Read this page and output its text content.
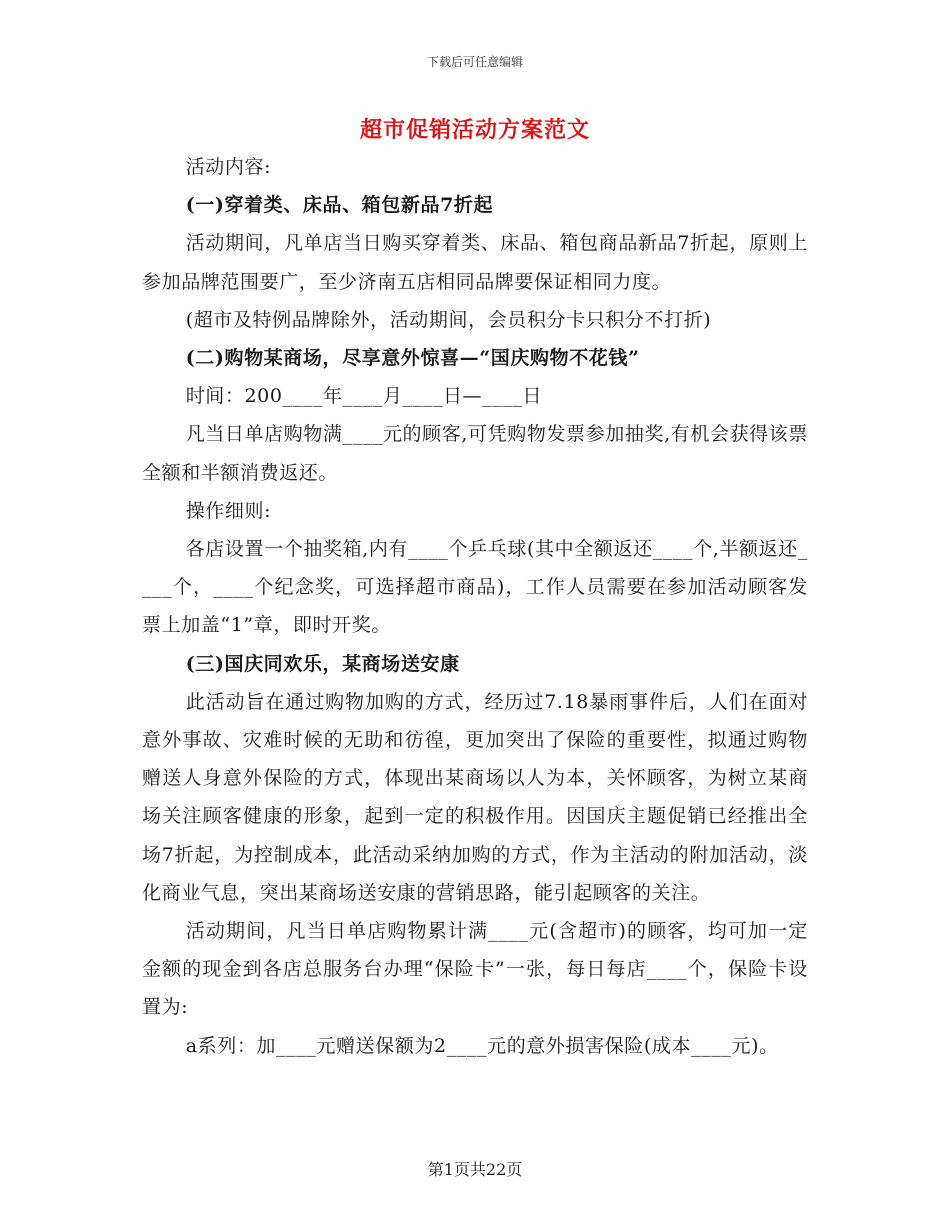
下载后可任意编辑
超市促销活动方案范文

活动内容:

(一)穿着类、床品、箱包新品7折起

活动期间，凡单店当日购买穿着类、床品、箱包商品新品7折起，原则上参加品牌范围要广，至少济南五店相同品牌要保证相同力度。

(超市及特例品牌除外，活动期间，会员积分卡只积分不打折)

(二)购物某商场，尽享意外惊喜—“国庆购物不花钱”

时间：200____年____月____日—____日

凡当日单店购物满____元的顾客,可凭购物发票参加抽奖,有机会获得该票全额和半额消费返还。

操作细则:

各店设置一个抽奖箱,内有____个乒乓球(其中全额返还____个,半额返还____个，____个纪念奖，可选择超市商品)，工作人员需要在参加活动顾客发票上加盖“1”章，即时开奖。

(三)国庆同欢乐，某商场送安康

此活动旨在通过购物加购的方式，经历过7.18暴雨事件后，人们在面对意外事故、灾难时候的无助和彷徨，更加突出了保险的重要性，拟通过购物赠送人身意外保险的方式，体现出某商场以人为本，关怀顾客，为树立某商场关注顾客健康的形象，起到一定的积极作用。因国庆主题促销已经推出全场7折起，为控制成本，此活动采纳加购的方式，作为主活动的附加活动，淡化商业气息，突出某商场送安康的营销思路，能引起顾客的关注。

活动期间，凡当日单店购物累计满____元(含超市)的顾客，均可加一定金额的现金到各店总服务台办理“保险卡”一张，每日每店____个，保险卡设置为:

a系列：加____元赠送保额为2____元的意外损害保险(成本____元)。

第1页共22页
